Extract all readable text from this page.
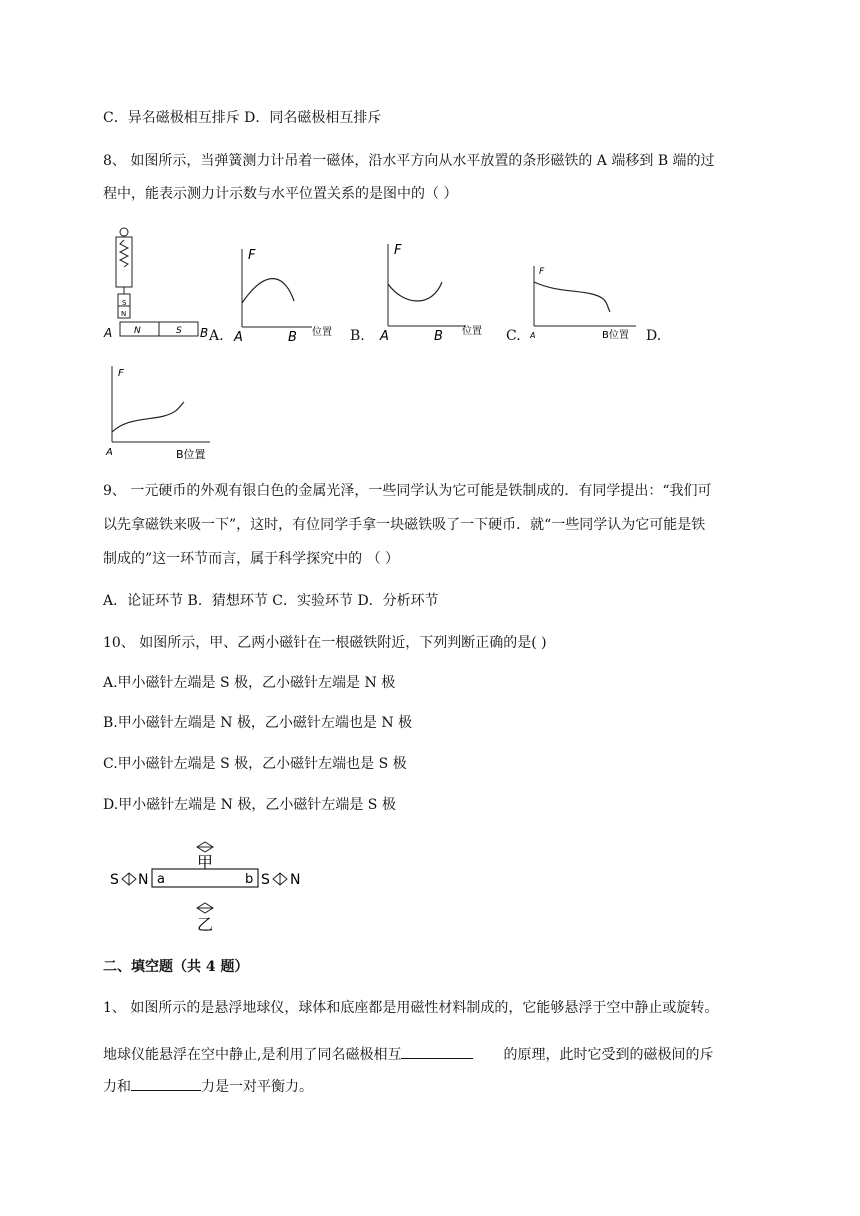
C．异名磁极相互排斥 D．同名磁极相互排斥
8、 如图所示，当弹簧测力计吊着一磁体，沿水平方向从水平放置的条形磁铁的 A 端移到 B 端的过
程中，能表示测力计示数与水平位置关系的是图中的（ ）
S
N
N	S
A	B A.
F
A	B 位置 B.
F
A	B 位置 C.
F
A	B位置 D.
F
A	B位置
9、 一元硬币的外观有银白色的金属光泽，一些同学认为它可能是铁制成的．有同学提出：“我们可
以先拿磁铁来吸一下”，这时，有位同学手拿一块磁铁吸了一下硬币．就“一些同学认为它可能是铁
制成的”这一环节而言，属于科学探究中的 （ ）
A．论证环节 B．猜想环节 C．实验环节 D．分析环节
10、 如图所示，甲、乙两小磁针在一根磁铁附近，下列判断正确的是( )
A.甲小磁针左端是 S 极，乙小磁针左端是 N 极
B.甲小磁针左端是 N 极，乙小磁针左端也是 N 极
C.甲小磁针左端是 S 极，乙小磁针左端也是 S 极
D.甲小磁针左端是 N 极，乙小磁针左端是 S 极
甲
S N a	b S N
乙
二、填空题（共 4 题）
1、 如图所示的是悬浮地球仪，球体和底座都是用磁性材料制成的，它能够悬浮于空中静止或旋转。
地球仪能悬浮在空中静止,是利用了同名磁极相互	的原理，此时它受到的磁极间的斥
力和	力是一对平衡力。
